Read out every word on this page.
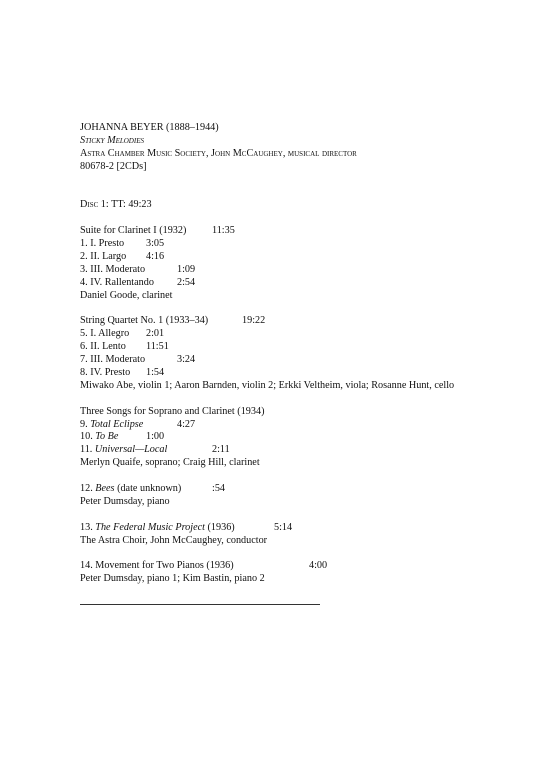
JOHANNA BEYER (1888–1944)
Sticky Melodies
Astra Chamber Music Society, John McCaughey, musical director
80678-2 [2CDs]
Disc 1: TT: 49:23
Suite for Clarinet I (1932)	11:35
1. I. Presto 3:05
2. II. Largo 4:16
3. III. Moderato	1:09
4. IV. Rallentando 2:54
Daniel Goode, clarinet
String Quartet No. 1 (1933–34)	19:22
5. I. Allegro 2:01
6. II. Lento 11:51
7. III. Moderato	3:24
8. IV. Presto 1:54
Miwako Abe, violin 1; Aaron Barnden, violin 2; Erkki Veltheim, viola; Rosanne Hunt, cello
Three Songs for Soprano and Clarinet (1934)
9. Total Eclipse	4:27
10. To Be	1:00
11. Universal—Local	2:11
Merlyn Quaife, soprano; Craig Hill, clarinet
12. Bees (date unknown)	:54
Peter Dumsday, piano
13. The Federal Music Project (1936)	5:14
The Astra Choir, John McCaughey, conductor
14. Movement for Two Pianos (1936)	4:00
Peter Dumsday, piano 1; Kim Bastin, piano 2
